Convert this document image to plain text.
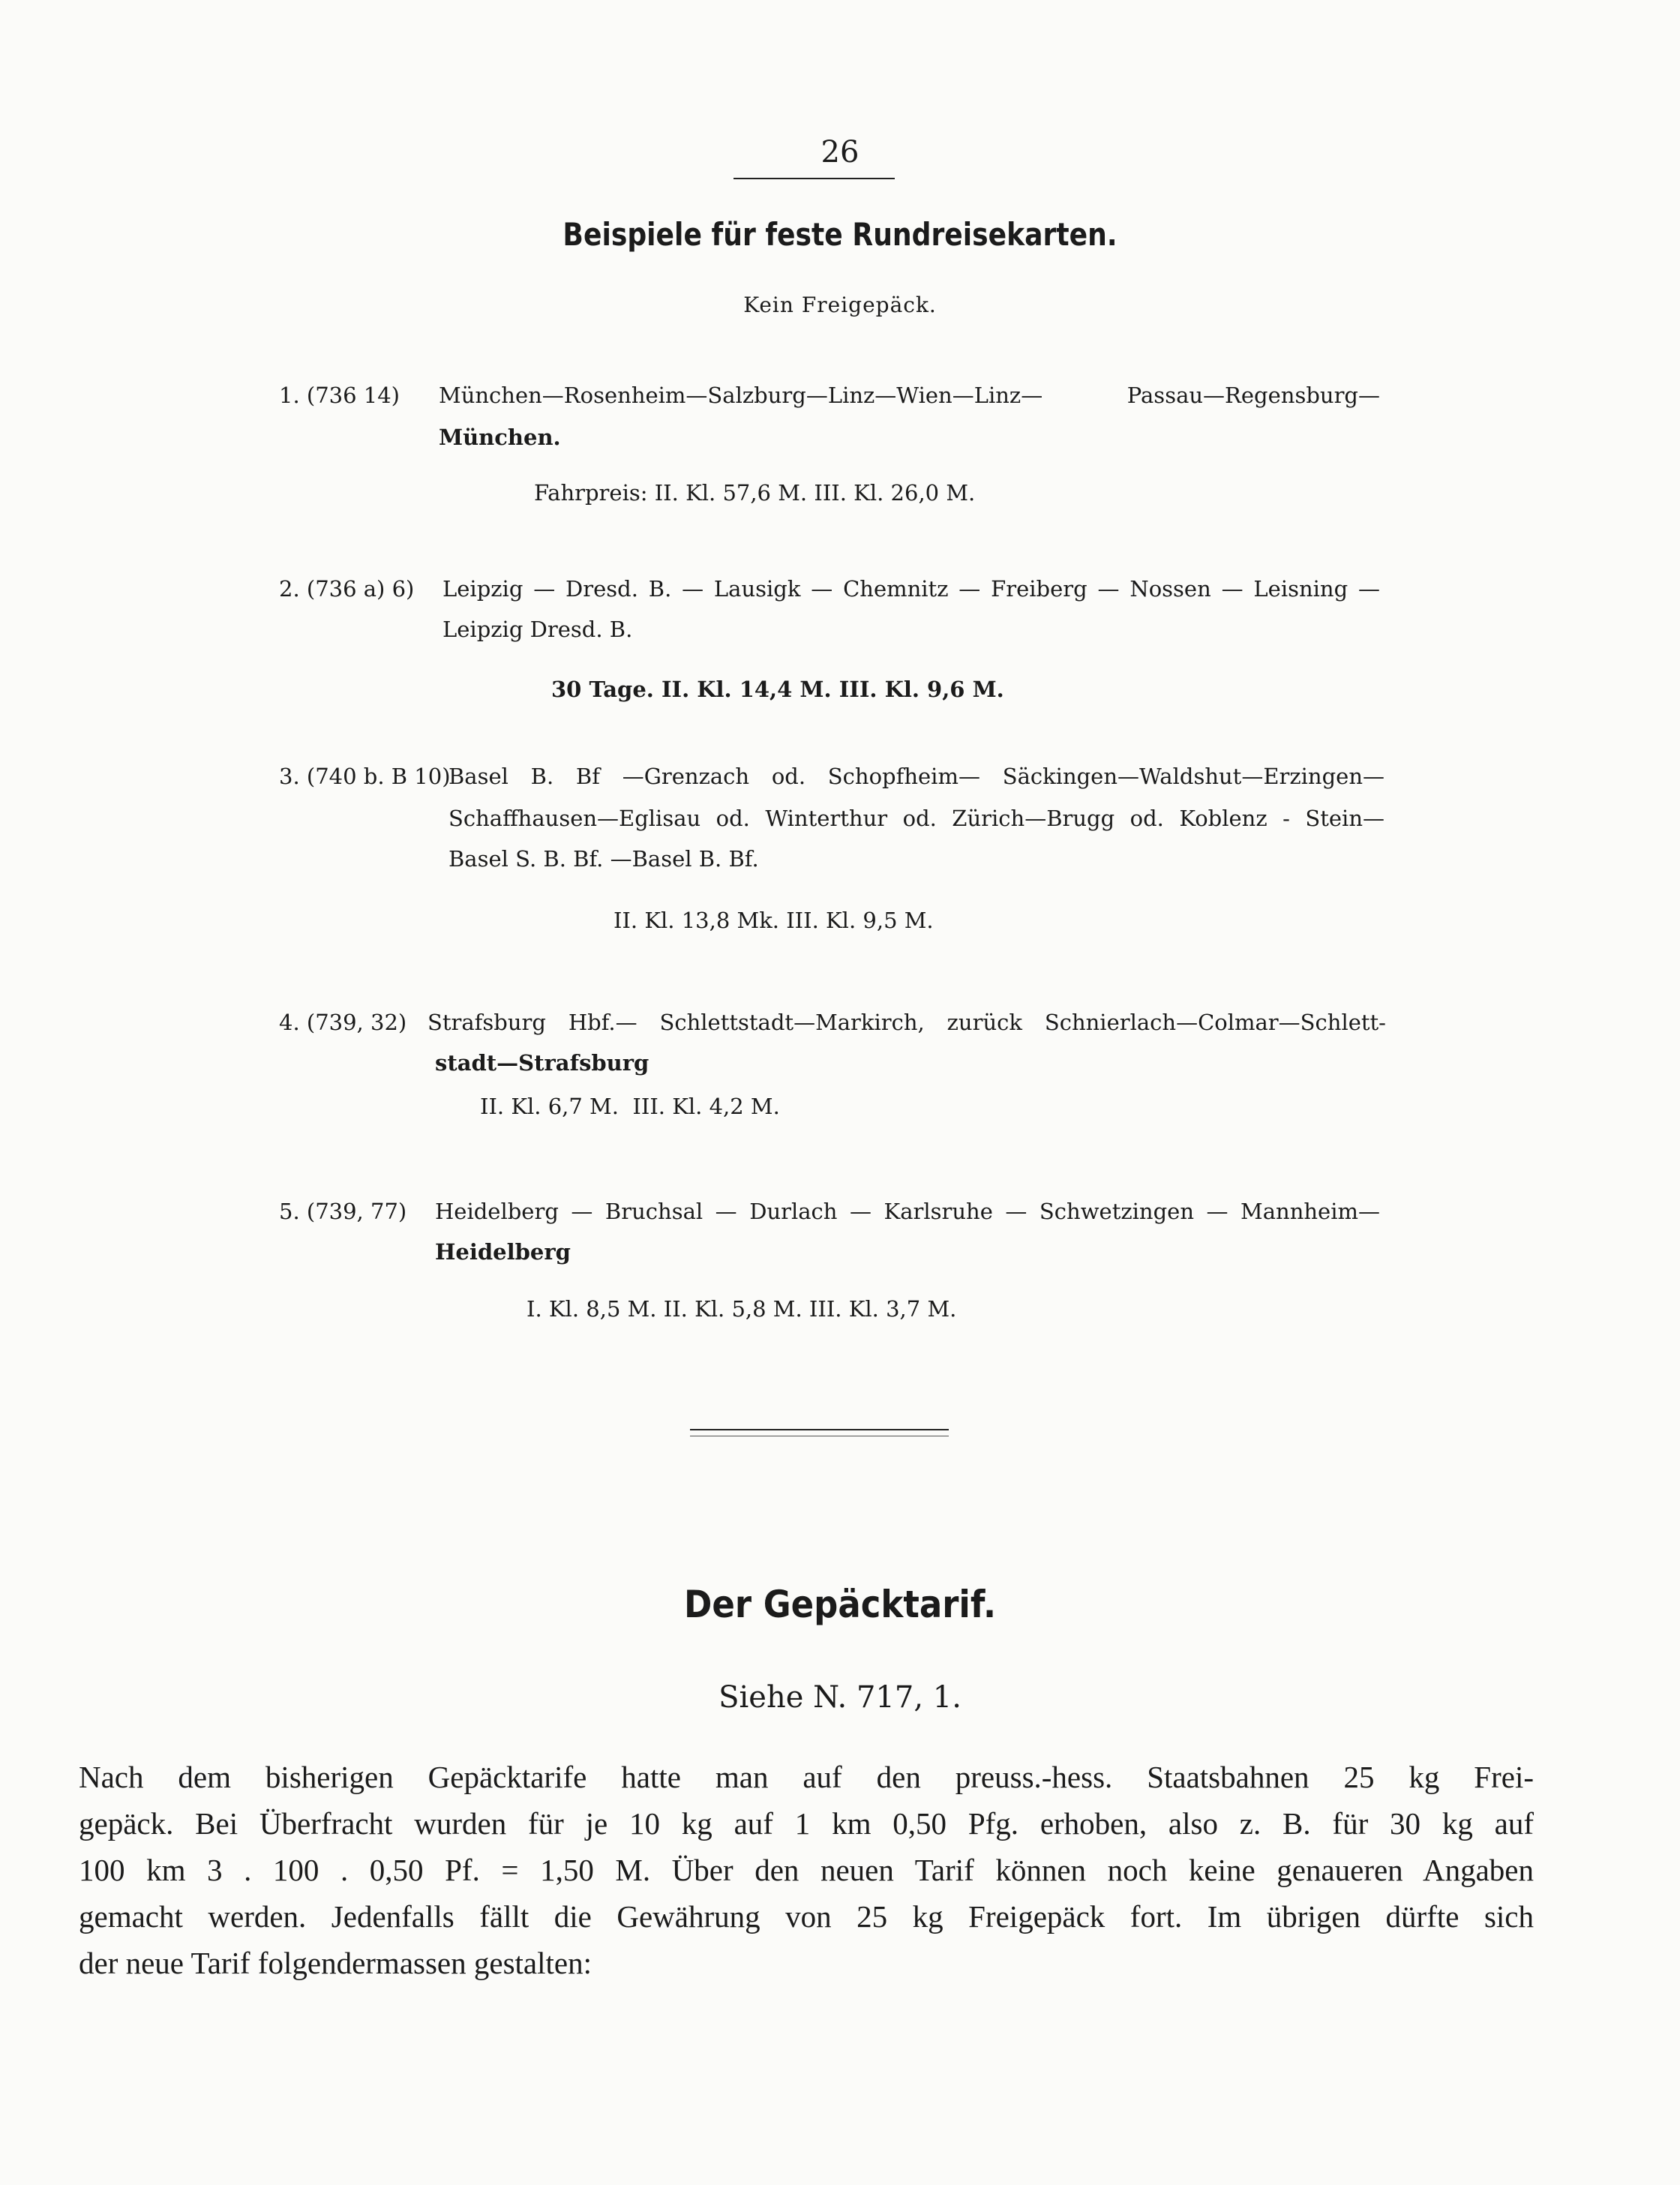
26
Beispiele für feste Rundreisekarten.
Kein Freigepäck.
1. (736 14) München—Rosenheim—Salzburg—Linz—Wien—Linz— Passau—Regensburg—
München.
Fahrpreis: II. Kl. 57,6 M. III. Kl. 26,0 M.
2. (736 a) 6) Leipzig — Dresd. B. — Lausigk — Chemnitz — Freiberg — Nossen — Leisning —
Leipzig Dresd. B.
30 Tage. II. Kl. 14,4 M. III. Kl. 9,6 M.
3. (740 b. B 10)
Basel B. Bf —Grenzach od. Schopfheim— Säckingen—Waldshut—Erzingen—
Schaffhausen—Eglisau od. Winterthur od. Zürich—Brugg od. Koblenz - Stein—
Basel S. B. Bf. —Basel B. Bf.
II. Kl. 13,8 Mk. III. Kl. 9,5 M.
4. (739, 32) Strafsburg Hbf.— Schlettstadt—Markirch, zurück Schnierlach—Colmar—Schlett-
stadt—Strafsburg
II. Kl. 6,7 M.  III. Kl. 4,2 M.
5. (739, 77) Heidelberg — Bruchsal — Durlach — Karlsruhe — Schwetzingen — Mannheim—
Heidelberg
I. Kl. 8,5 M. II. Kl. 5,8 M. III. Kl. 3,7 M.
Der Gepäcktarif.
Siehe N. 717, 1.
Nach dem bisherigen Gepäcktarife hatte man auf den preuss.-hess. Staatsbahnen 25 kg Frei-
gepäck. Bei Überfracht wurden für je 10 kg auf 1 km 0,50 Pfg. erhoben, also z. B. für 30 kg auf
100 km 3 . 100 . 0,50 Pf. = 1,50 M. Über den neuen Tarif können noch keine genaueren Angaben
gemacht werden. Jedenfalls fällt die Gewährung von 25 kg Freigepäck fort. Im übrigen dürfte sich
der neue Tarif folgendermassen gestalten:
